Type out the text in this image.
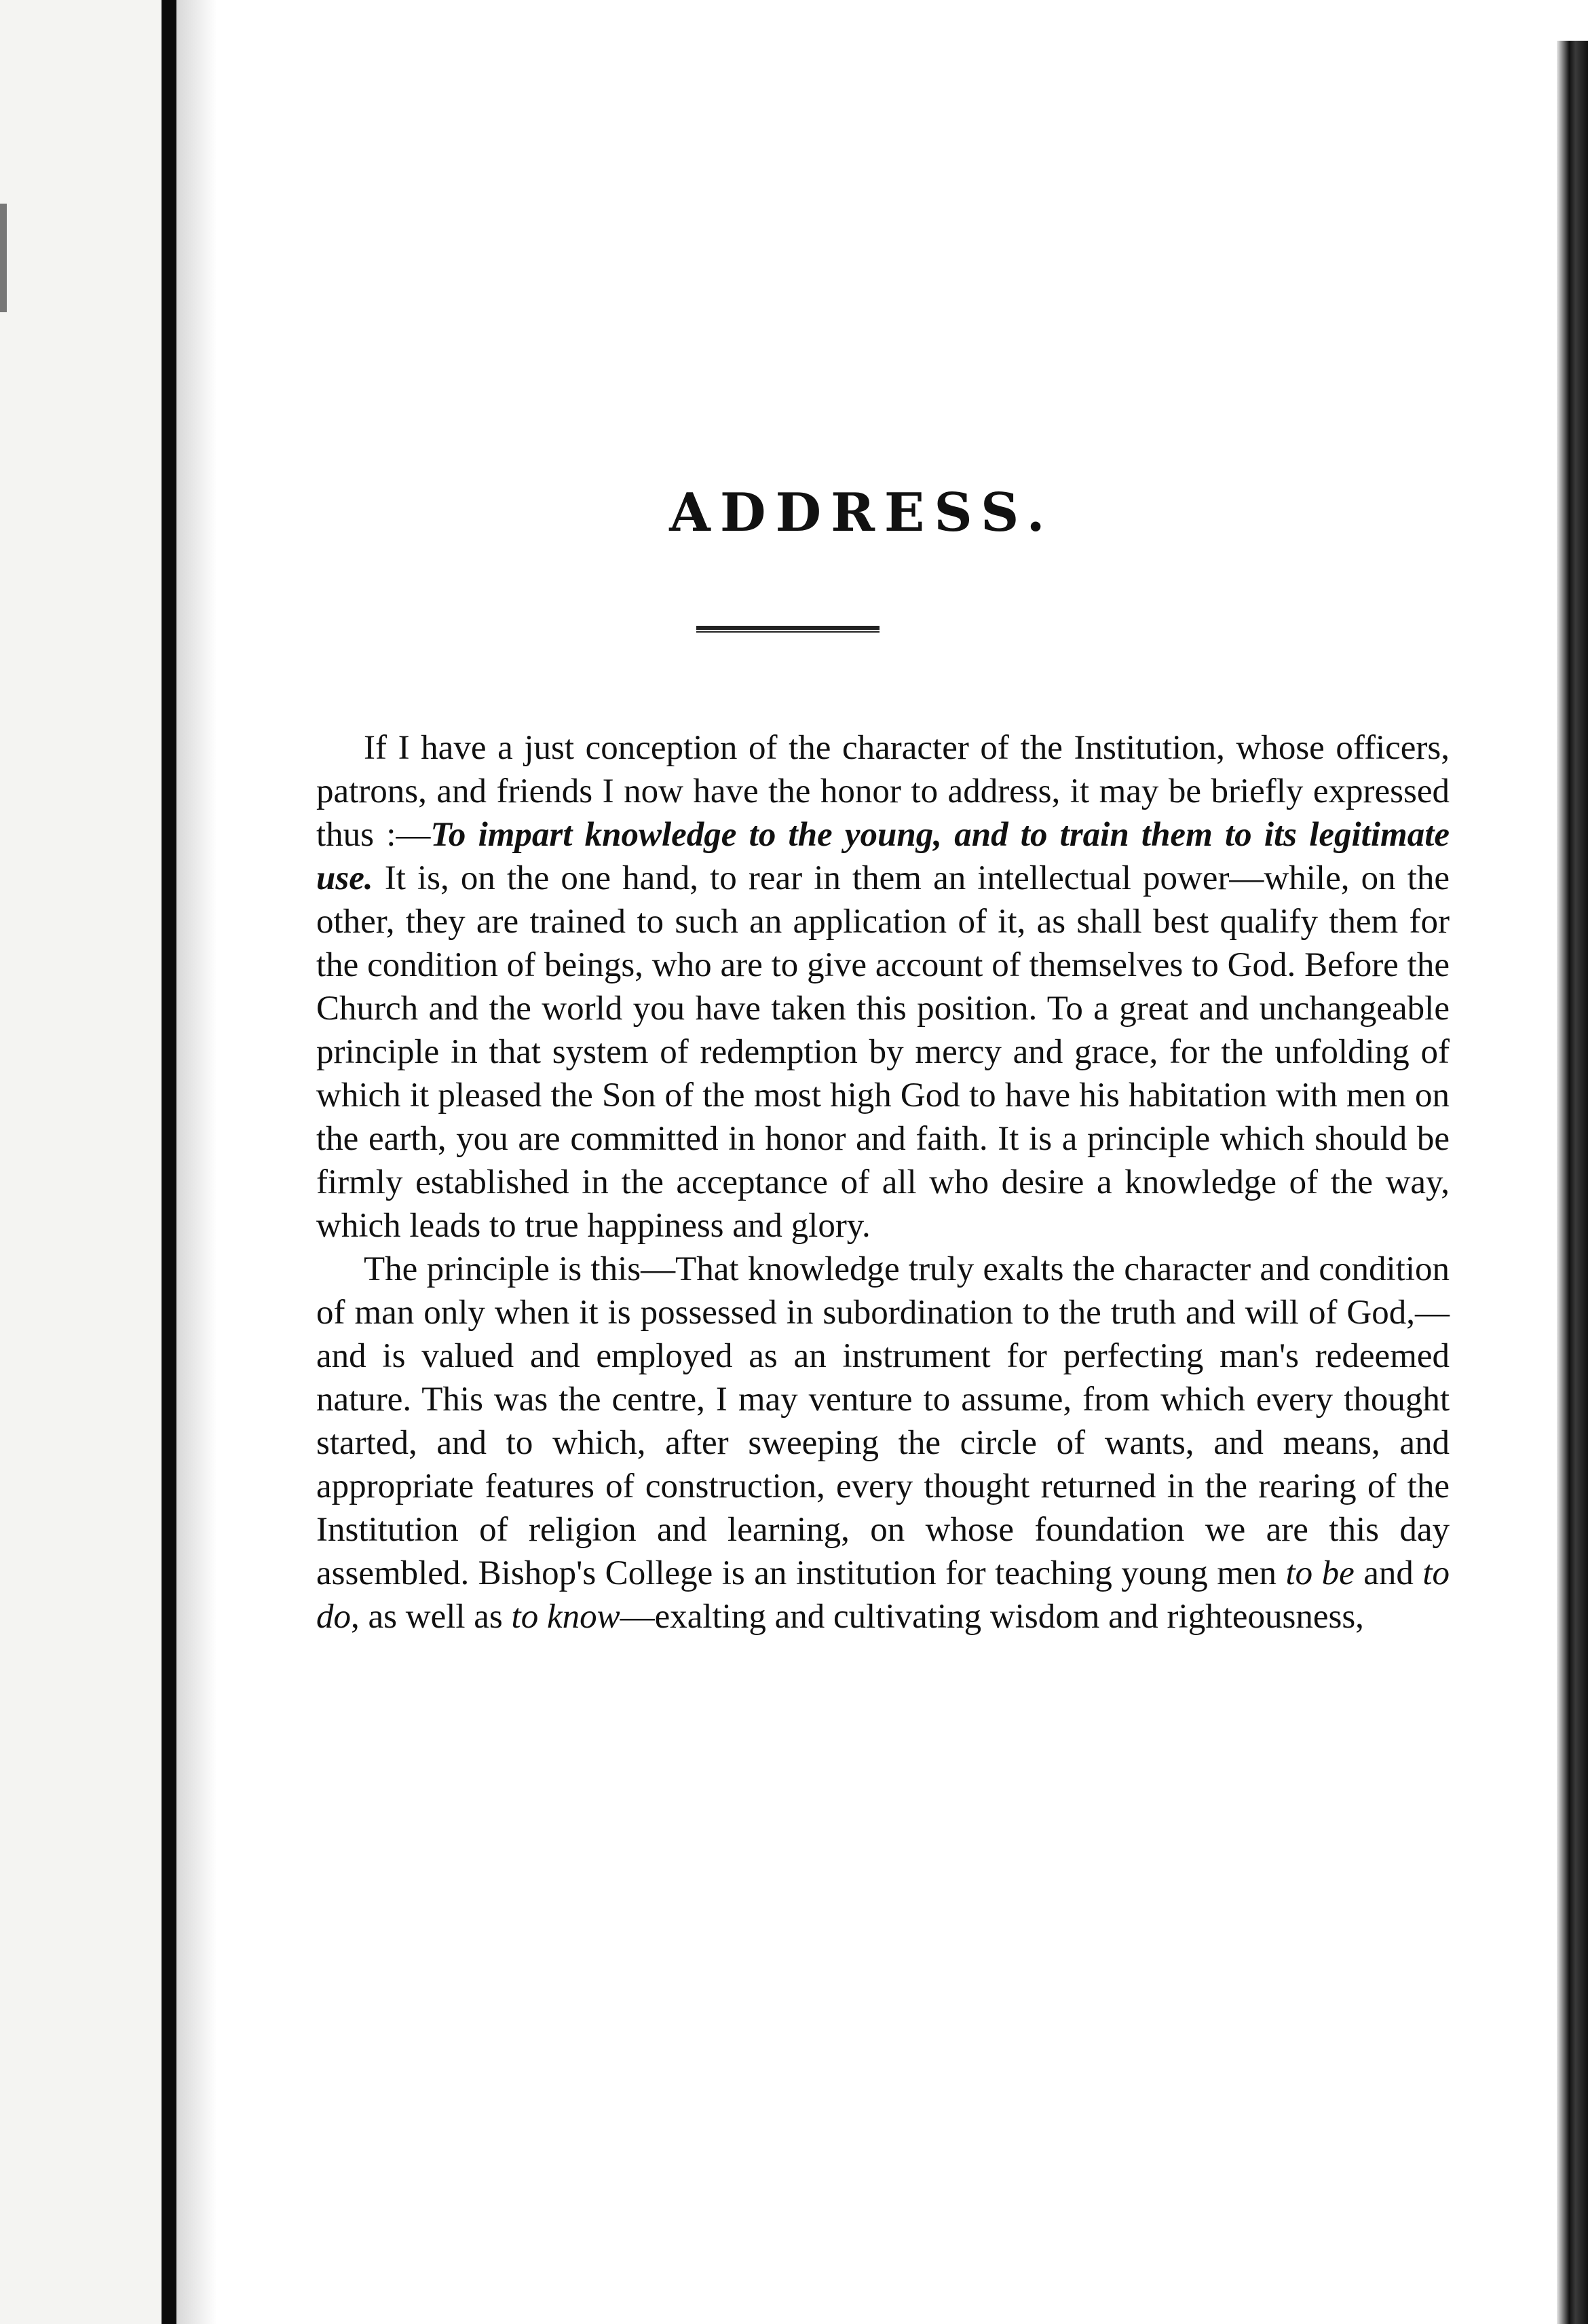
ADDRESS.

If I have a just conception of the character of the Institution, whose officers, patrons, and friends I now have the honor to address, it may be briefly expressed thus :—To impart knowledge to the young, and to train them to its legitimate use. It is, on the one hand, to rear in them an intellectual power—while, on the other, they are trained to such an application of it, as shall best qualify them for the condition of beings, who are to give account of themselves to God. Before the Church and the world you have taken this position. To a great and unchangeable principle in that system of redemption by mercy and grace, for the unfolding of which it pleased the Son of the most high God to have his habitation with men on the earth, you are committed in honor and faith. It is a principle which should be firmly established in the acceptance of all who desire a knowledge of the way, which leads to true happiness and glory.

The principle is this—That knowledge truly exalts the character and condition of man only when it is possessed in subordination to the truth and will of God,—and is valued and employed as an instrument for perfecting man's redeemed nature. This was the centre, I may venture to assume, from which every thought started, and to which, after sweeping the circle of wants, and means, and appropriate features of construction, every thought returned in the rearing of the Institution of religion and learning, on whose foundation we are this day assembled. Bishop's College is an institution for teaching young men to be and to do, as well as to know—exalting and cultivating wisdom and righteousness,
